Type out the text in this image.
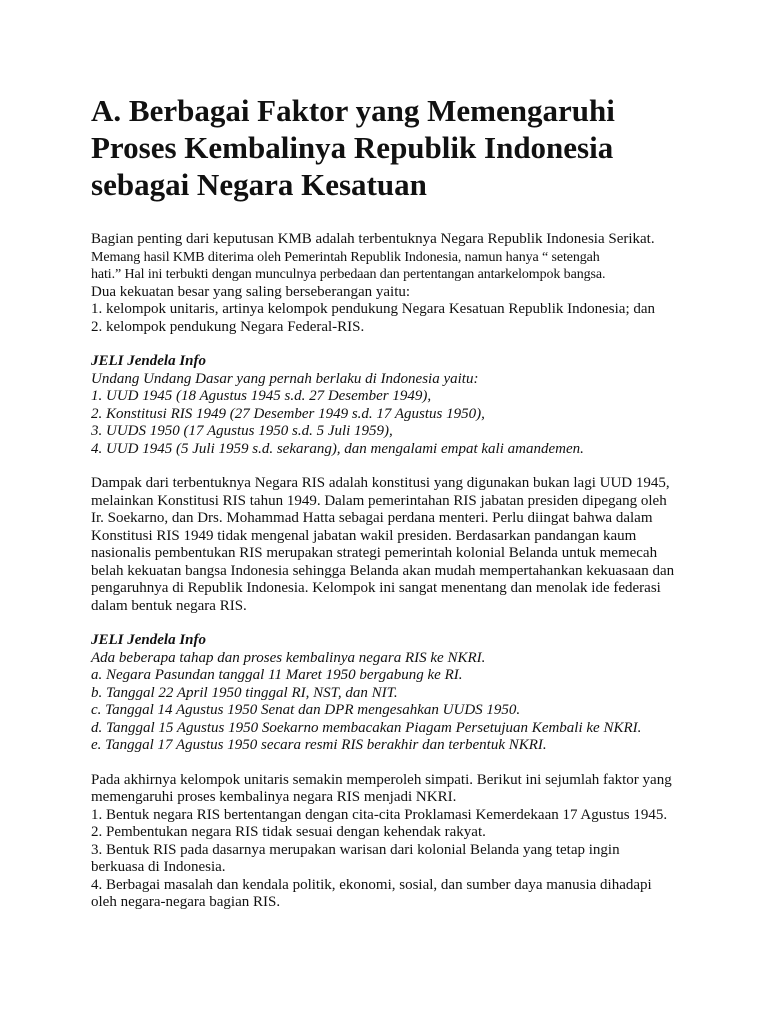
A. Berbagai Faktor yang Memengaruhi Proses Kembalinya Republik Indonesia sebagai Negara Kesatuan

Bagian penting dari keputusan KMB adalah terbentuknya Negara Republik Indonesia Serikat.

Memang hasil KMB diterima oleh Pemerintah Republik Indonesia, namun hanya “ setengah

hati.” Hal ini terbukti dengan munculnya perbedaan dan pertentangan antarkelompok bangsa.

Dua kekuatan besar yang saling berseberangan yaitu:

1. kelompok unitaris, artinya kelompok pendukung Negara Kesatuan Republik Indonesia; dan

2. kelompok pendukung Negara Federal-RIS.

JELI Jendela Info

Undang Undang Dasar yang pernah berlaku di Indonesia yaitu:

1. UUD 1945 (18 Agustus 1945 s.d. 27 Desember 1949),

2. Konstitusi RIS 1949 (27 Desember 1949 s.d. 17 Agustus 1950),

3. UUDS 1950 (17 Agustus 1950 s.d. 5 Juli 1959),

4. UUD 1945 (5 Juli 1959 s.d. sekarang), dan mengalami empat kali amandemen.

Dampak dari terbentuknya Negara RIS adalah konstitusi yang digunakan bukan lagi UUD 1945,

melainkan Konstitusi RIS tahun 1949. Dalam pemerintahan RIS jabatan presiden dipegang oleh

Ir. Soekarno, dan Drs. Mohammad Hatta sebagai perdana menteri. Perlu diingat bahwa dalam

Konstitusi RIS 1949 tidak mengenal jabatan wakil presiden. Berdasarkan pandangan kaum

nasionalis pembentukan RIS merupakan strategi pemerintah kolonial Belanda untuk memecah

belah kekuatan bangsa Indonesia sehingga Belanda akan mudah mempertahankan kekuasaan dan

pengaruhnya di Republik Indonesia. Kelompok ini sangat menentang dan menolak ide federasi

dalam bentuk negara RIS.

JELI Jendela Info

Ada beberapa tahap dan proses kembalinya negara RIS ke NKRI.

a. Negara Pasundan tanggal 11 Maret 1950 bergabung ke RI.

b. Tanggal 22 April 1950 tinggal RI, NST, dan NIT.

c. Tanggal 14 Agustus 1950 Senat dan DPR mengesahkan UUDS 1950.

d. Tanggal 15 Agustus 1950 Soekarno membacakan Piagam Persetujuan Kembali ke NKRI.

e. Tanggal 17 Agustus 1950 secara resmi RIS berakhir dan terbentuk NKRI.

Pada akhirnya kelompok unitaris semakin memperoleh simpati. Berikut ini sejumlah faktor yang

memengaruhi proses kembalinya negara RIS menjadi NKRI.

1. Bentuk negara RIS bertentangan dengan cita-cita Proklamasi Kemerdekaan 17 Agustus 1945.

2. Pembentukan negara RIS tidak sesuai dengan kehendak rakyat.

3. Bentuk RIS pada dasarnya merupakan warisan dari kolonial Belanda yang tetap ingin

berkuasa di Indonesia.

4. Berbagai masalah dan kendala politik, ekonomi, sosial, dan sumber daya manusia dihadapi

oleh negara-negara bagian RIS.
